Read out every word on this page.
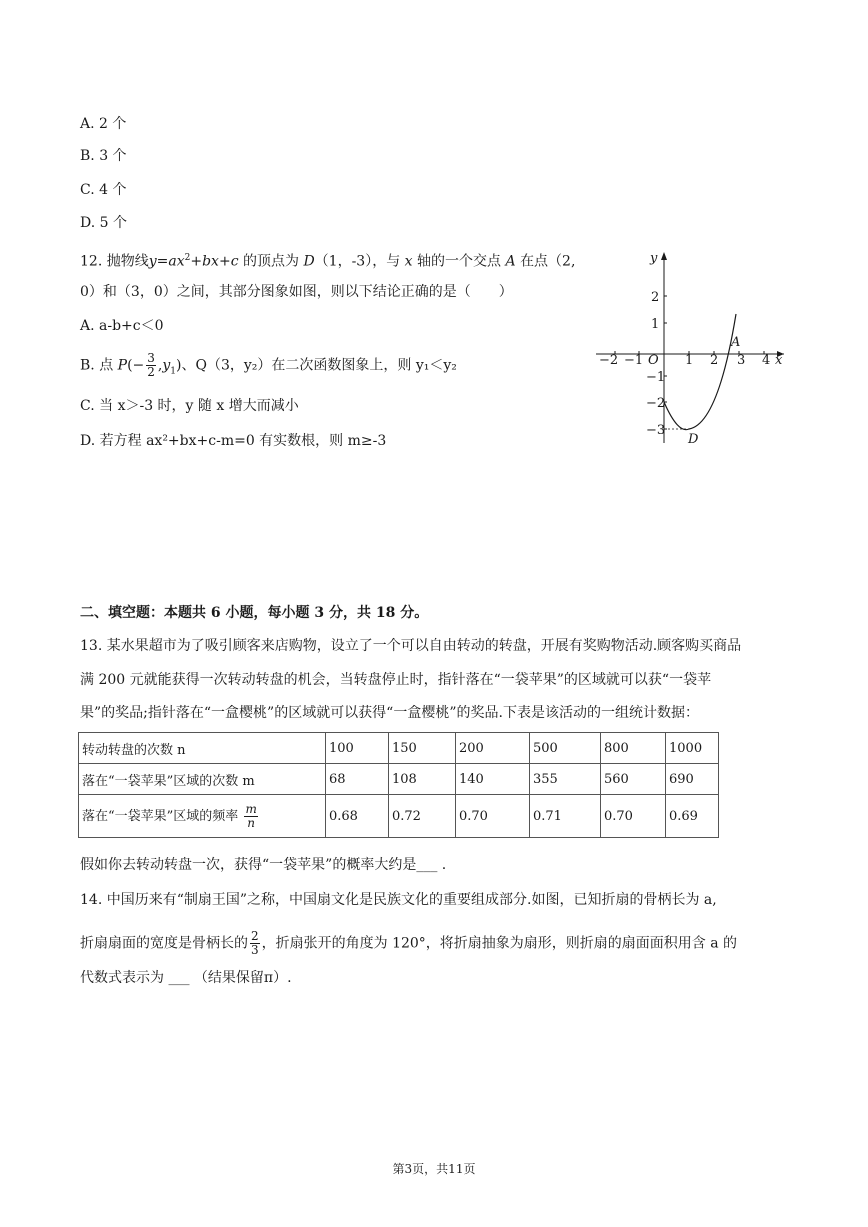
A. 2 个
B. 3 个
C. 4 个
D. 5 个
12. 抛物线$y=ax^2+bx+c$ 的顶点为 D（1，-3），与 x 轴的一个交点 A 在点（2,
0）和（3，0）之间，其部分图象如图，则以下结论正确的是（　　）
A. a-b+c＜0
B. 点 $P(- \frac{3}{2} ,y_1)$、Q（3，y₂）在二次函数图象上，则 y₁＜y₂
C. 当 x＞-3 时，y 随 x 增大而减小
D. 若方程 ax²+bx+c-m=0 有实数根，则 m≥-3
y
x
O
−2 −1	1 2 3 4
2
1
−1
−2
−3
A
D
二、填空题：本题共 6 小题，每小题 3 分，共 18 分。
13. 某水果超市为了吸引顾客来店购物，设立了一个可以自由转动的转盘，开展有奖购物活动.顾客购买商品
满 200 元就能获得一次转动转盘的机会，当转盘停止时，指针落在“一袋苹果”的区域就可以获“一袋苹
果”的奖品;指针落在“一盒樱桃”的区域就可以获得“一盒樱桃”的奖品.下表是该活动的一组统计数据：
转动转盘的次数 n	100	150	200	500	800	1000
落在“一袋苹果”区域的次数 m	68	108	140	355	560	690
落在“一袋苹果”区域的频率 $\frac{m}{n}$	0.68	0.72	0.70	0.71	0.70	0.69
假如你去转动转盘一次，获得“一袋苹果”的概率大约是___ .
14. 中国历来有“制扇王国”之称，中国扇文化是民族文化的重要组成部分.如图，已知折扇的骨柄长为 a,
折扇扇面的宽度是骨柄长的 $\frac{2}{3}$ ，折扇张开的角度为 120°，将折扇抽象为扇形，则折扇的扇面面积用含 a 的
代数式表示为 ___ （结果保留π）.
第3页，共11页
